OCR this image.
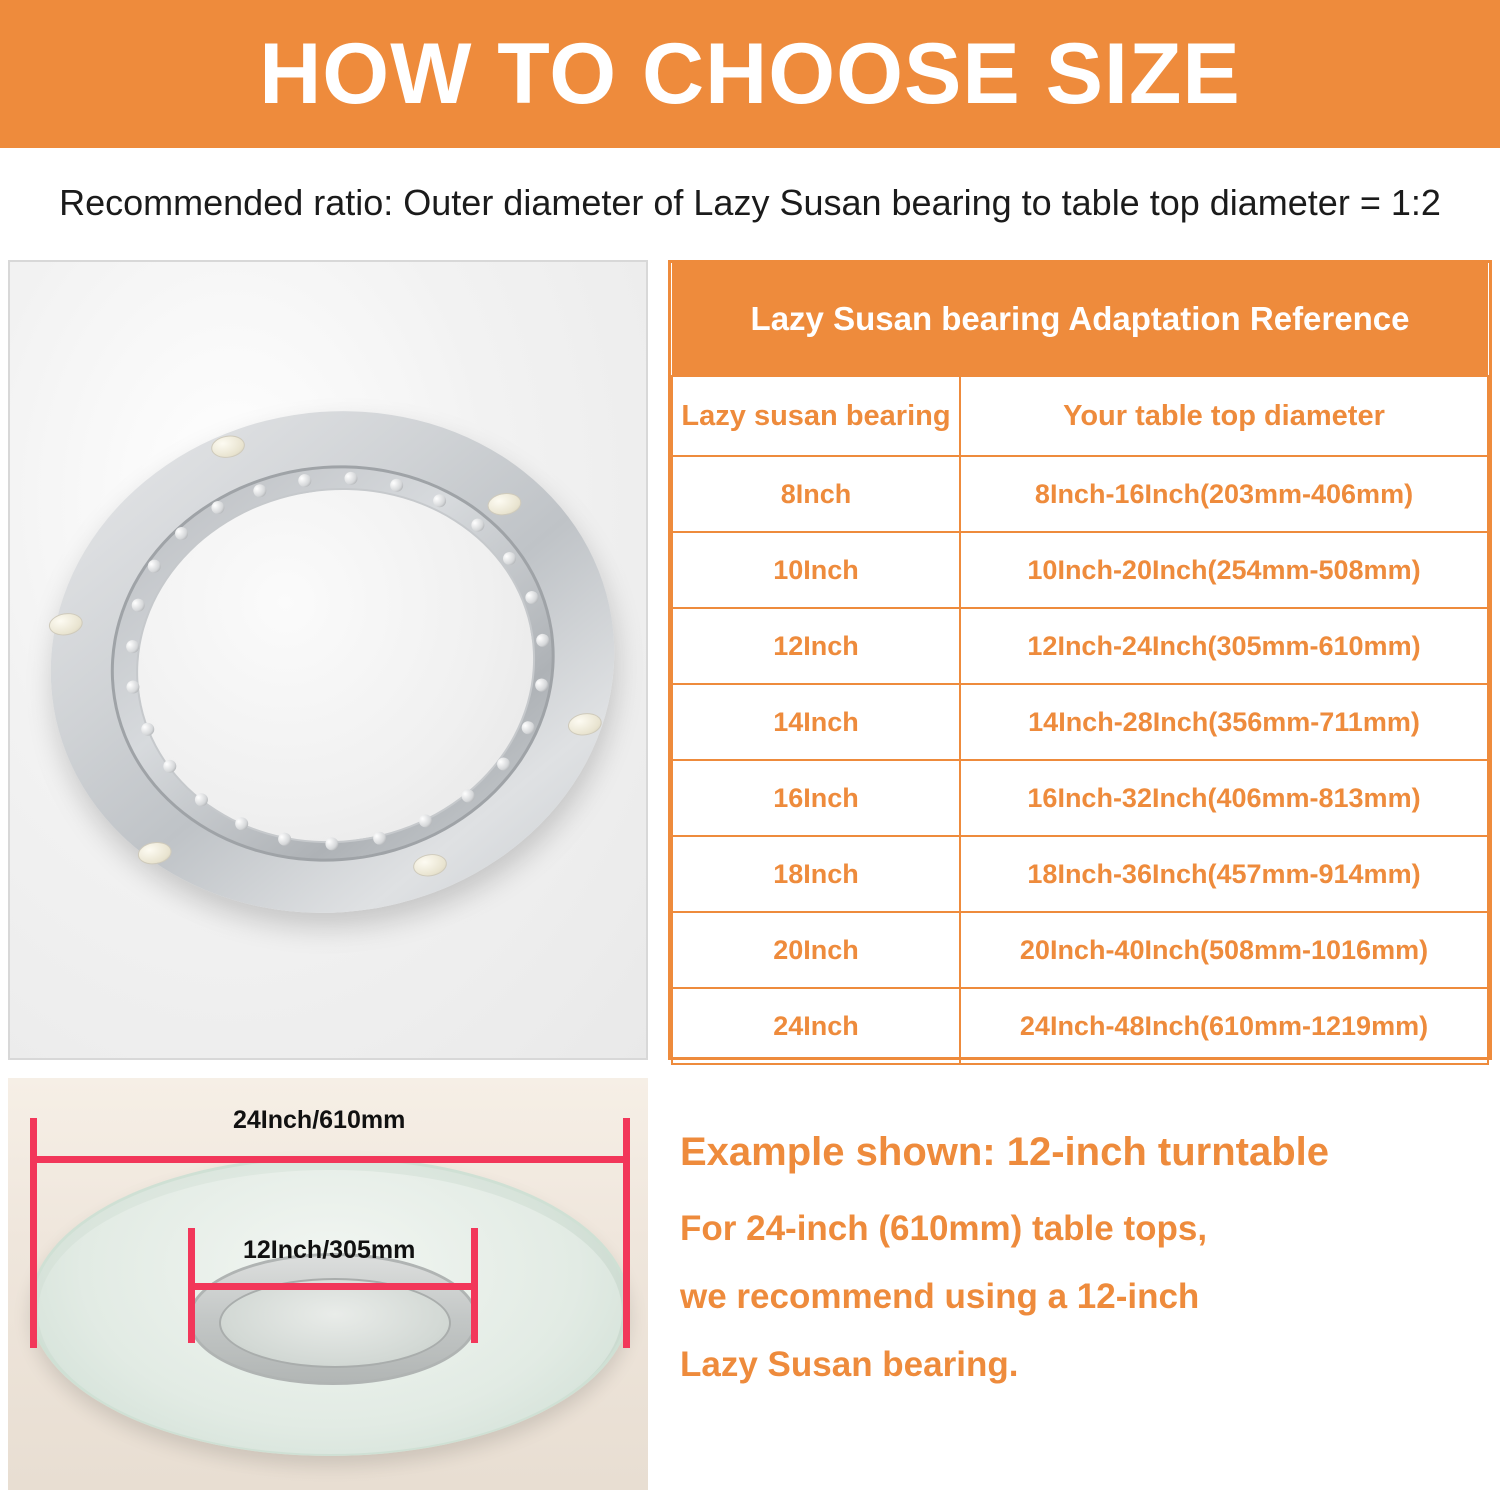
HOW TO CHOOSE SIZE
Recommended ratio: Outer diameter of Lazy Susan bearing to table top diameter = 1:2
Lazy Susan bearing Adaptation Reference	
Lazy susan bearing	Your table top diameter
8Inch	8Inch-16Inch(203mm-406mm)
10Inch	10Inch-20Inch(254mm-508mm)
12Inch	12Inch-24Inch(305mm-610mm)
14Inch	14Inch-28Inch(356mm-711mm)
16Inch	16Inch-32Inch(406mm-813mm)
18Inch	18Inch-36Inch(457mm-914mm)
20Inch	20Inch-40Inch(508mm-1016mm)
24Inch	24Inch-48Inch(610mm-1219mm)
24Inch/610mm
12Inch/305mm
Example shown: 12-inch turntable
For 24-inch (610mm) table tops,
we recommend using a 12-inch
Lazy Susan bearing.
